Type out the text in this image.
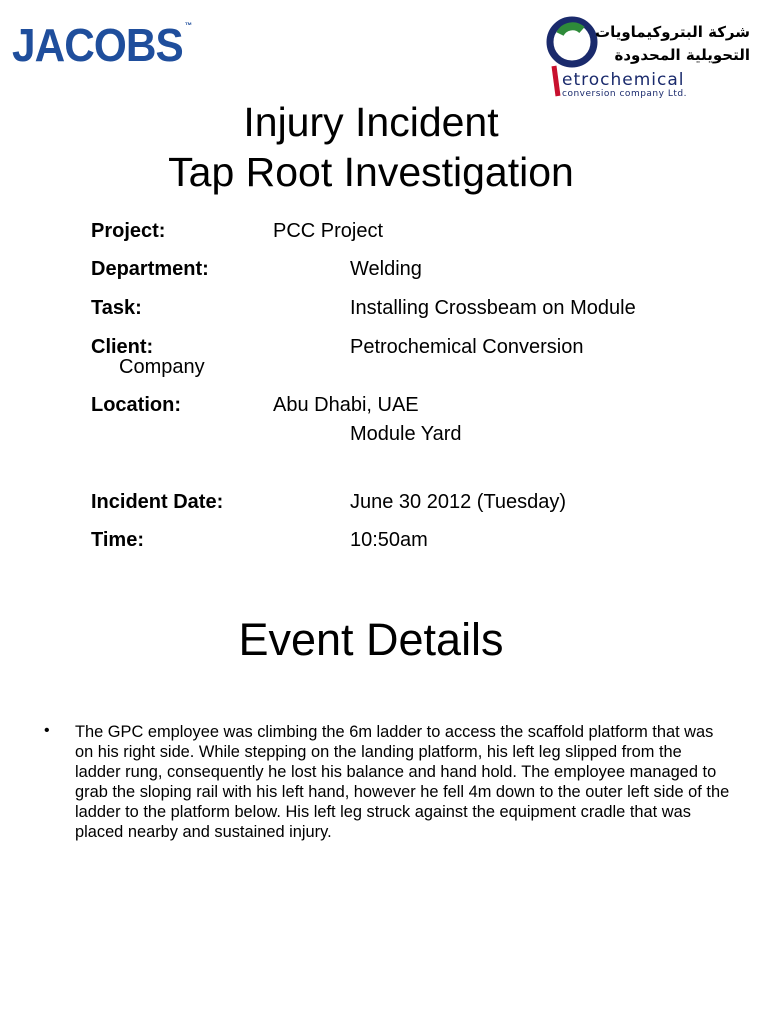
JACOBS ™	شركة البتروكيماويات
التحويلية المحدودة
etrochemical
conversion company Ltd.
Injury Incident
Tap Root Investigation
Project:	PCC Project
Department:	Welding
Task:	Installing Crossbeam on Module
Client:	Petrochemical Conversion
Company
Location:	Abu Dhabi, UAE
Module Yard
Incident Date:	June 30 2012 (Tuesday)
Time:	10:50am
Event Details
• The GPC employee was climbing the 6m ladder to access the scaffold platform that was on his right side. While stepping on the landing platform, his left leg slipped from the ladder rung, consequently he lost his balance and hand hold. The employee managed to grab the sloping rail with his left hand, however he fell 4m down to the outer left side of the ladder to the platform below. His left leg struck against the equipment cradle that was placed nearby and sustained injury.
